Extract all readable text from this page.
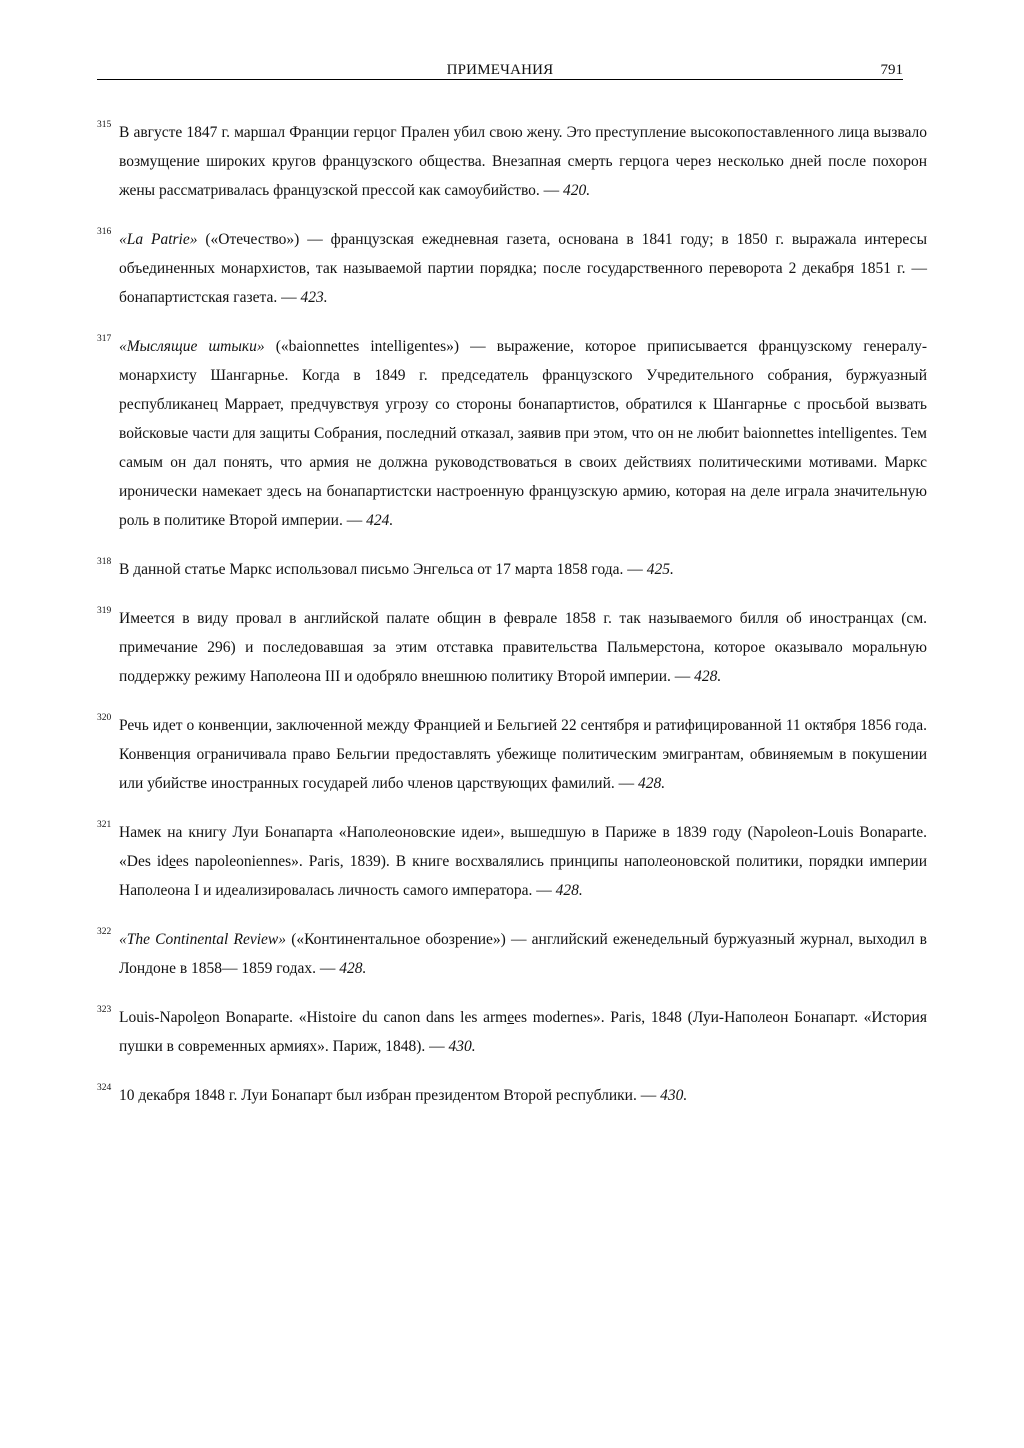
ПРИМЕЧАНИЯ	791
315 В августе 1847 г. маршал Франции герцог Прален убил свою жену. Это преступление высокопоставленного лица вызвало возмущение широких кругов французского общества. Внезапная смерть герцога через несколько дней после похорон жены рассматривалась французской прессой как самоубийство. — 420.
316 «La Patrie» («Отечество») — французская ежедневная газета, основана в 1841 году; в 1850 г. выражала интересы объединенных монархистов, так называемой партии порядка; после государственного переворота 2 декабря 1851 г. — бонапартистская газета. — 423.
317 «Мыслящие штыки» («baionnettes intelligentes») — выражение, которое приписывается французскому генералу-монархисту Шангарнье. Когда в 1849 г. председатель французского Учредительного собрания, буржуазный республиканец Маррает, предчувствуя угрозу со стороны бонапартистов, обратился к Шангарнье с просьбой вызвать войсковые части для защиты Собрания, последний отказал, заявив при этом, что он не любит baionnettes intelligentes. Тем самым он дал понять, что армия не должна руководствоваться в своих действиях политическими мотивами. Маркс иронически намекает здесь на бонапартистски настроенную французскую армию, которая на деле играла значительную роль в политике Второй империи. — 424.
318 В данной статье Маркс использовал письмо Энгельса от 17 марта 1858 года. — 425.
319 Имеется в виду провал в английской палате общин в феврале 1858 г. так называемого билля об иностранцах (см. примечание 296) и последовавшая за этим отставка правительства Пальмерстона, которое оказывало моральную поддержку режиму Наполеона III и одобряло внешнюю политику Второй империи. — 428.
320 Речь идет о конвенции, заключенной между Францией и Бельгией 22 сентября и ратифицированной 11 октября 1856 года. Конвенция ограничивала право Бельгии предоставлять убежище политическим эмигрантам, обвиняемым в покушении или убийстве иностранных государей либо членов царствующих фамилий. — 428.
321 Намек на книгу Луи Бонапарта «Наполеоновские идеи», вышедшую в Париже в 1839 году (Napoleon-Louis Bonaparte. «Des idees napoleoniennes». Paris, 1839). В книге восхвалялись принципы наполеоновской политики, порядки империи Наполеона I и идеализировалась личность самого императора. — 428.
322 «The Continental Review» («Континентальное обозрение») — английский еженедельный буржуазный журнал, выходил в Лондоне в 1858— 1859 годах. — 428.
323 Louis-Napoleon Bonaparte. «Histoire du canon dans les armees modernes». Paris, 1848 (Луи-Наполеон Бонапарт. «История пушки в современных армиях». Париж, 1848). — 430.
324 10 декабря 1848 г. Луи Бонапарт был избран президентом Второй республики. — 430.
